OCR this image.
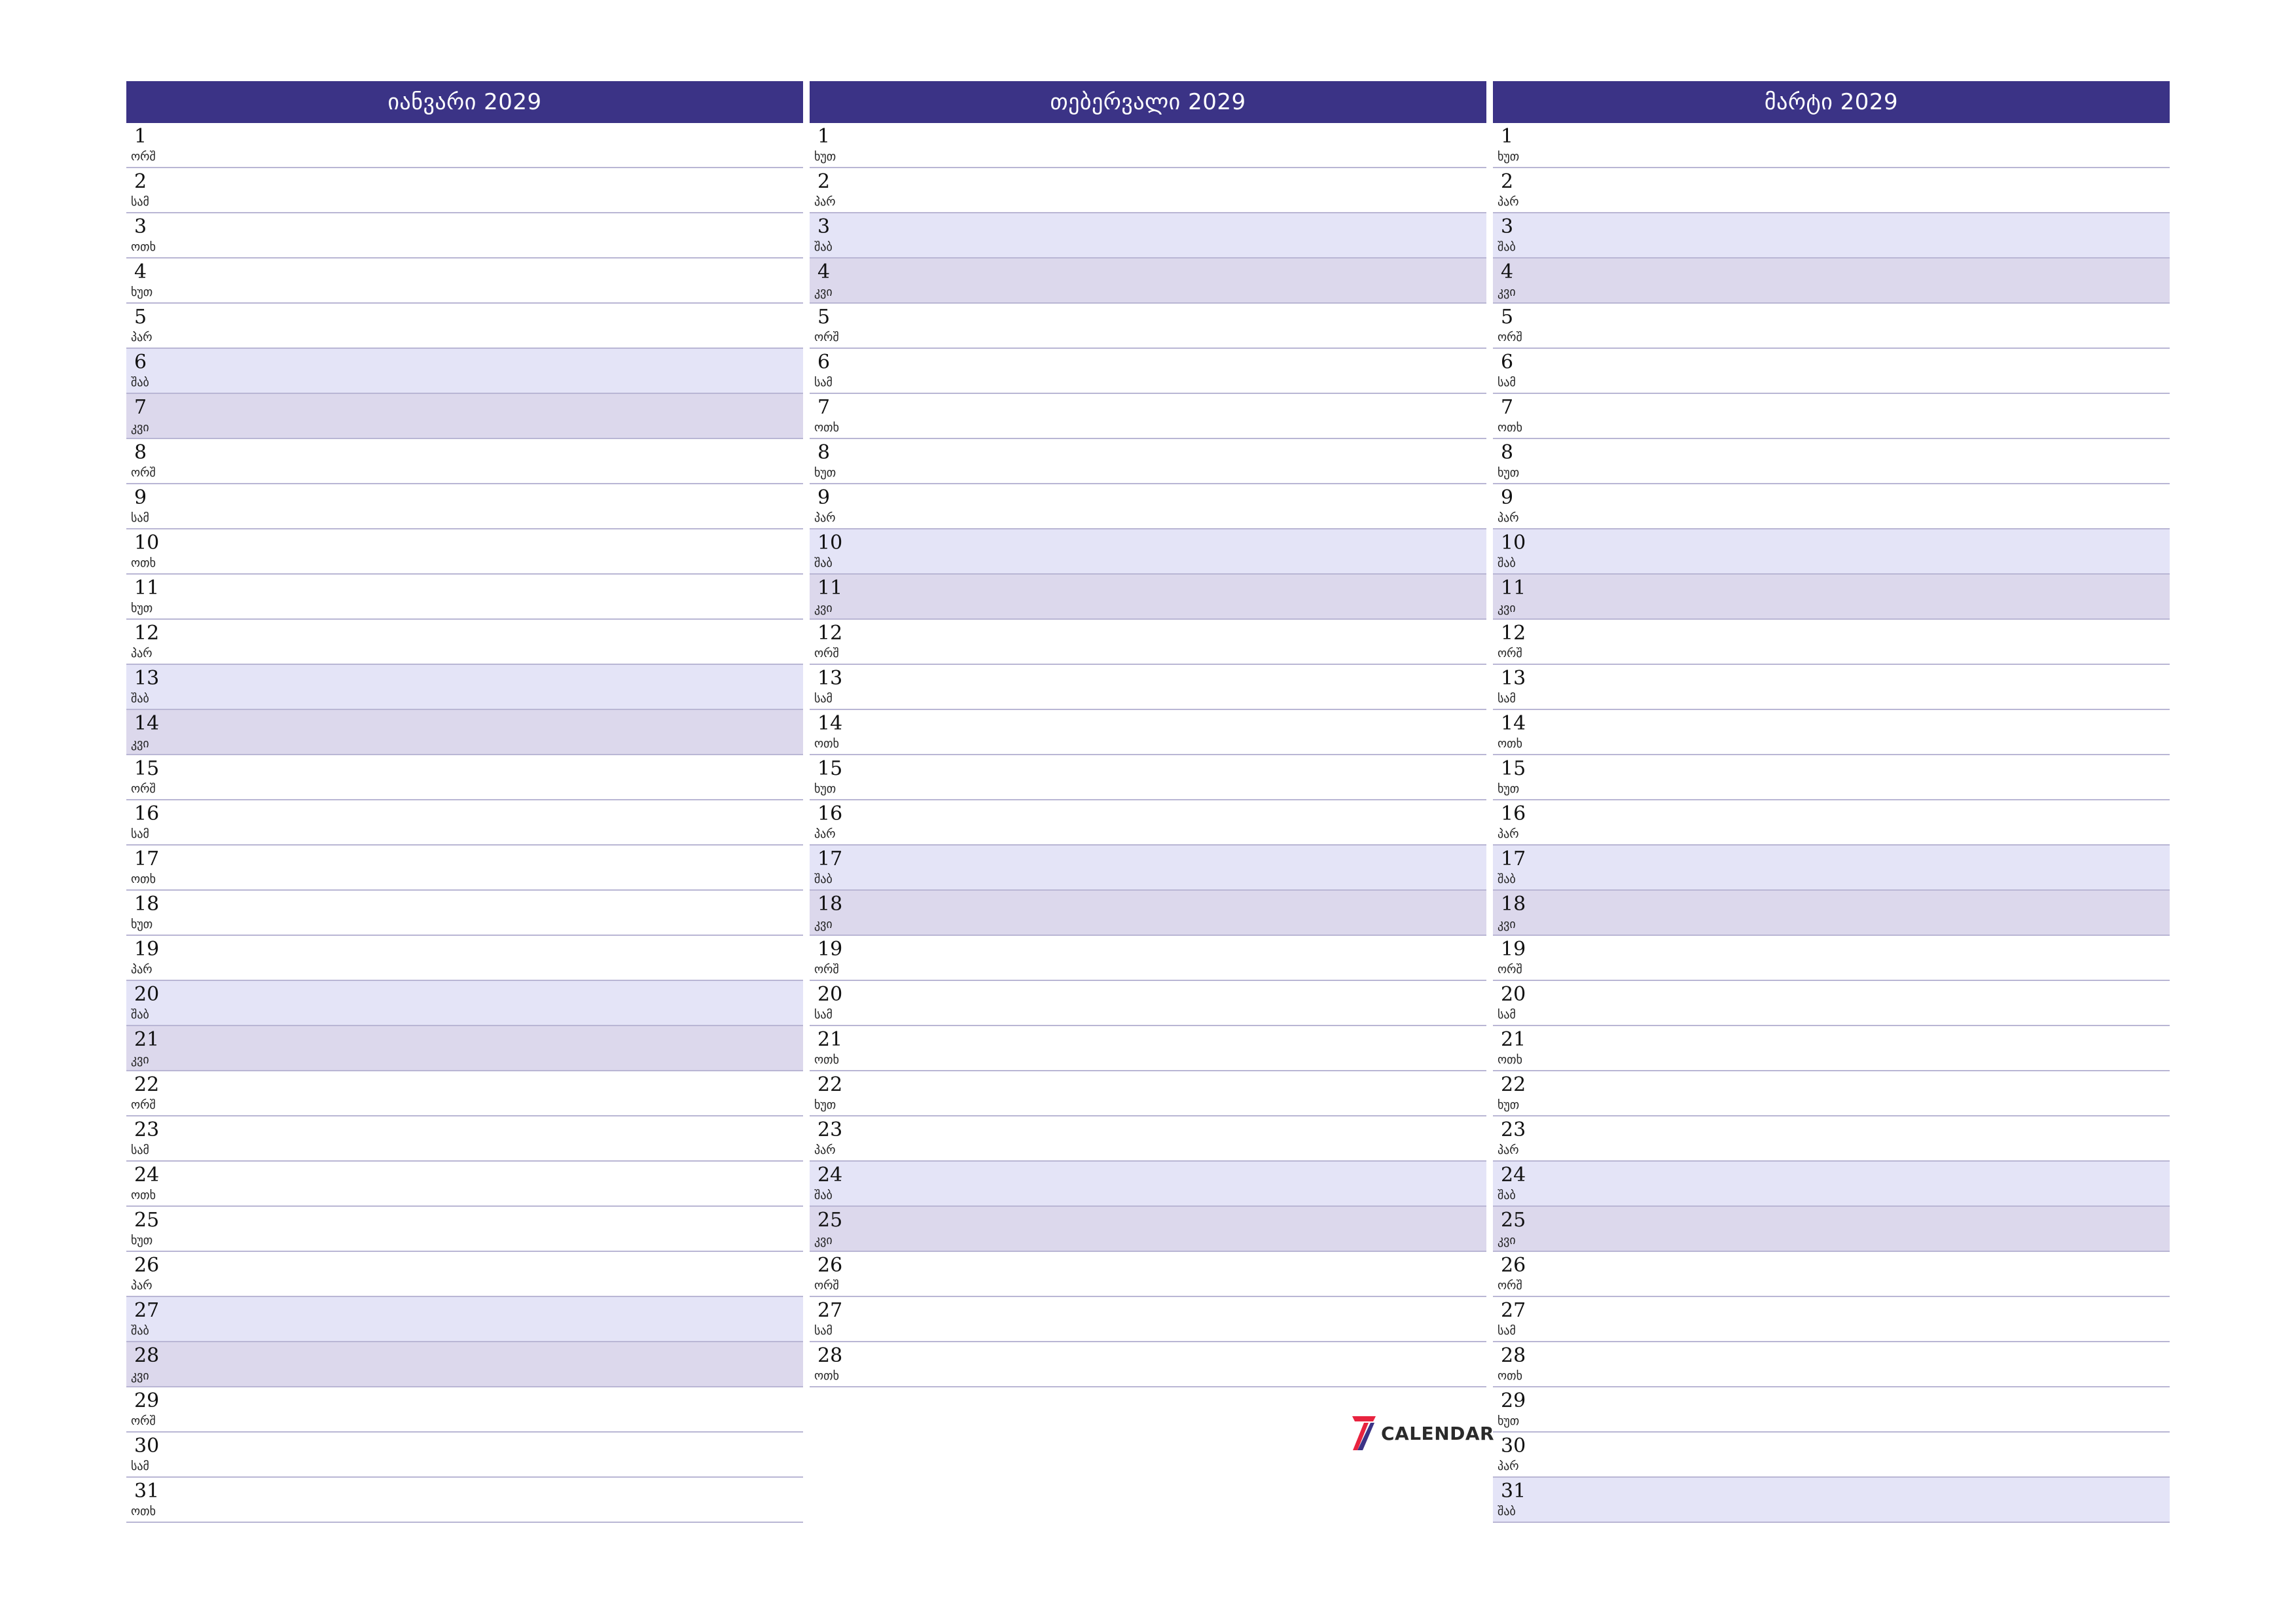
იანვარი 2029
1
ორშ
2
სამ
3
ოთხ
4
ხუთ
5
პარ
6
შაბ
7
კვი
8
ორშ
9
სამ
10
ოთხ
11
ხუთ
12
პარ
13
შაბ
14
კვი
15
ორშ
16
სამ
17
ოთხ
18
ხუთ
19
პარ
20
შაბ
21
კვი
22
ორშ
23
სამ
24
ოთხ
25
ხუთ
26
პარ
27
შაბ
28
კვი
29
ორშ
30
სამ
31
ოთხ
თებერვალი 2029
1
ხუთ
2
პარ
3
შაბ
4
კვი
5
ორშ
6
სამ
7
ოთხ
8
ხუთ
9
პარ
10
შაბ
11
კვი
12
ორშ
13
სამ
14
ოთხ
15
ხუთ
16
პარ
17
შაბ
18
კვი
19
ორშ
20
სამ
21
ოთხ
22
ხუთ
23
პარ
24
შაბ
25
კვი
26
ორშ
27
სამ
28
ოთხ
მარტი 2029
1
ხუთ
2
პარ
3
შაბ
4
კვი
5
ორშ
6
სამ
7
ოთხ
8
ხუთ
9
პარ
10
შაბ
11
კვი
12
ორშ
13
სამ
14
ოთხ
15
ხუთ
16
პარ
17
შაბ
18
კვი
19
ორშ
20
სამ
21
ოთხ
22
ხუთ
23
პარ
24
შაბ
25
კვი
26
ორშ
27
სამ
28
ოთხ
29
ხუთ
30
პარ
31
შაბ
CALENDAR
